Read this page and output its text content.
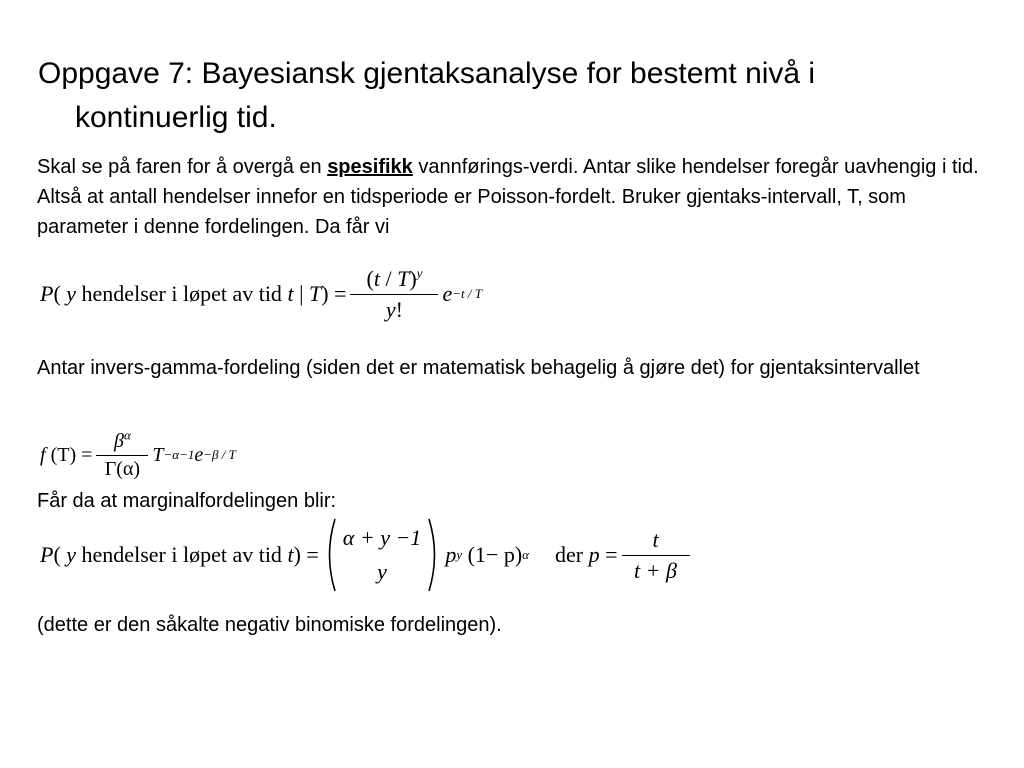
Oppgave 7: Bayesiansk gjentaksanalyse for bestemt nivå i
kontinuerlig tid.
Skal se på faren for å overgå en spesifikk vannførings-verdi. Antar slike hendelser foregår uavhengig i tid. Altså at antall hendelser innefor en tidsperiode er Poisson-fordelt. Bruker gjentaks-intervall, T, som parameter i denne fordelingen. Da får vi
P (
y hendelser i løpet av tid t | T ) = $\frac{(t / T)^y}{y!}$ e −t / T
Antar invers-gamma-fordeling (siden det er matematisk behagelig å gjøre det) for gjentaksintervallet
f
$(T) = \frac{\beta^\alpha}{\Gamma(\alpha)}$ T −α−1 e −β / T
Får da at marginalfordelingen blir:
P (
y hendelser i løpet av tid t ) =
α + y −1
y
p y
(1− p) α der
p
= $\frac{t}{t + \beta}$
(dette er den såkalte negativ binomiske fordelingen).
